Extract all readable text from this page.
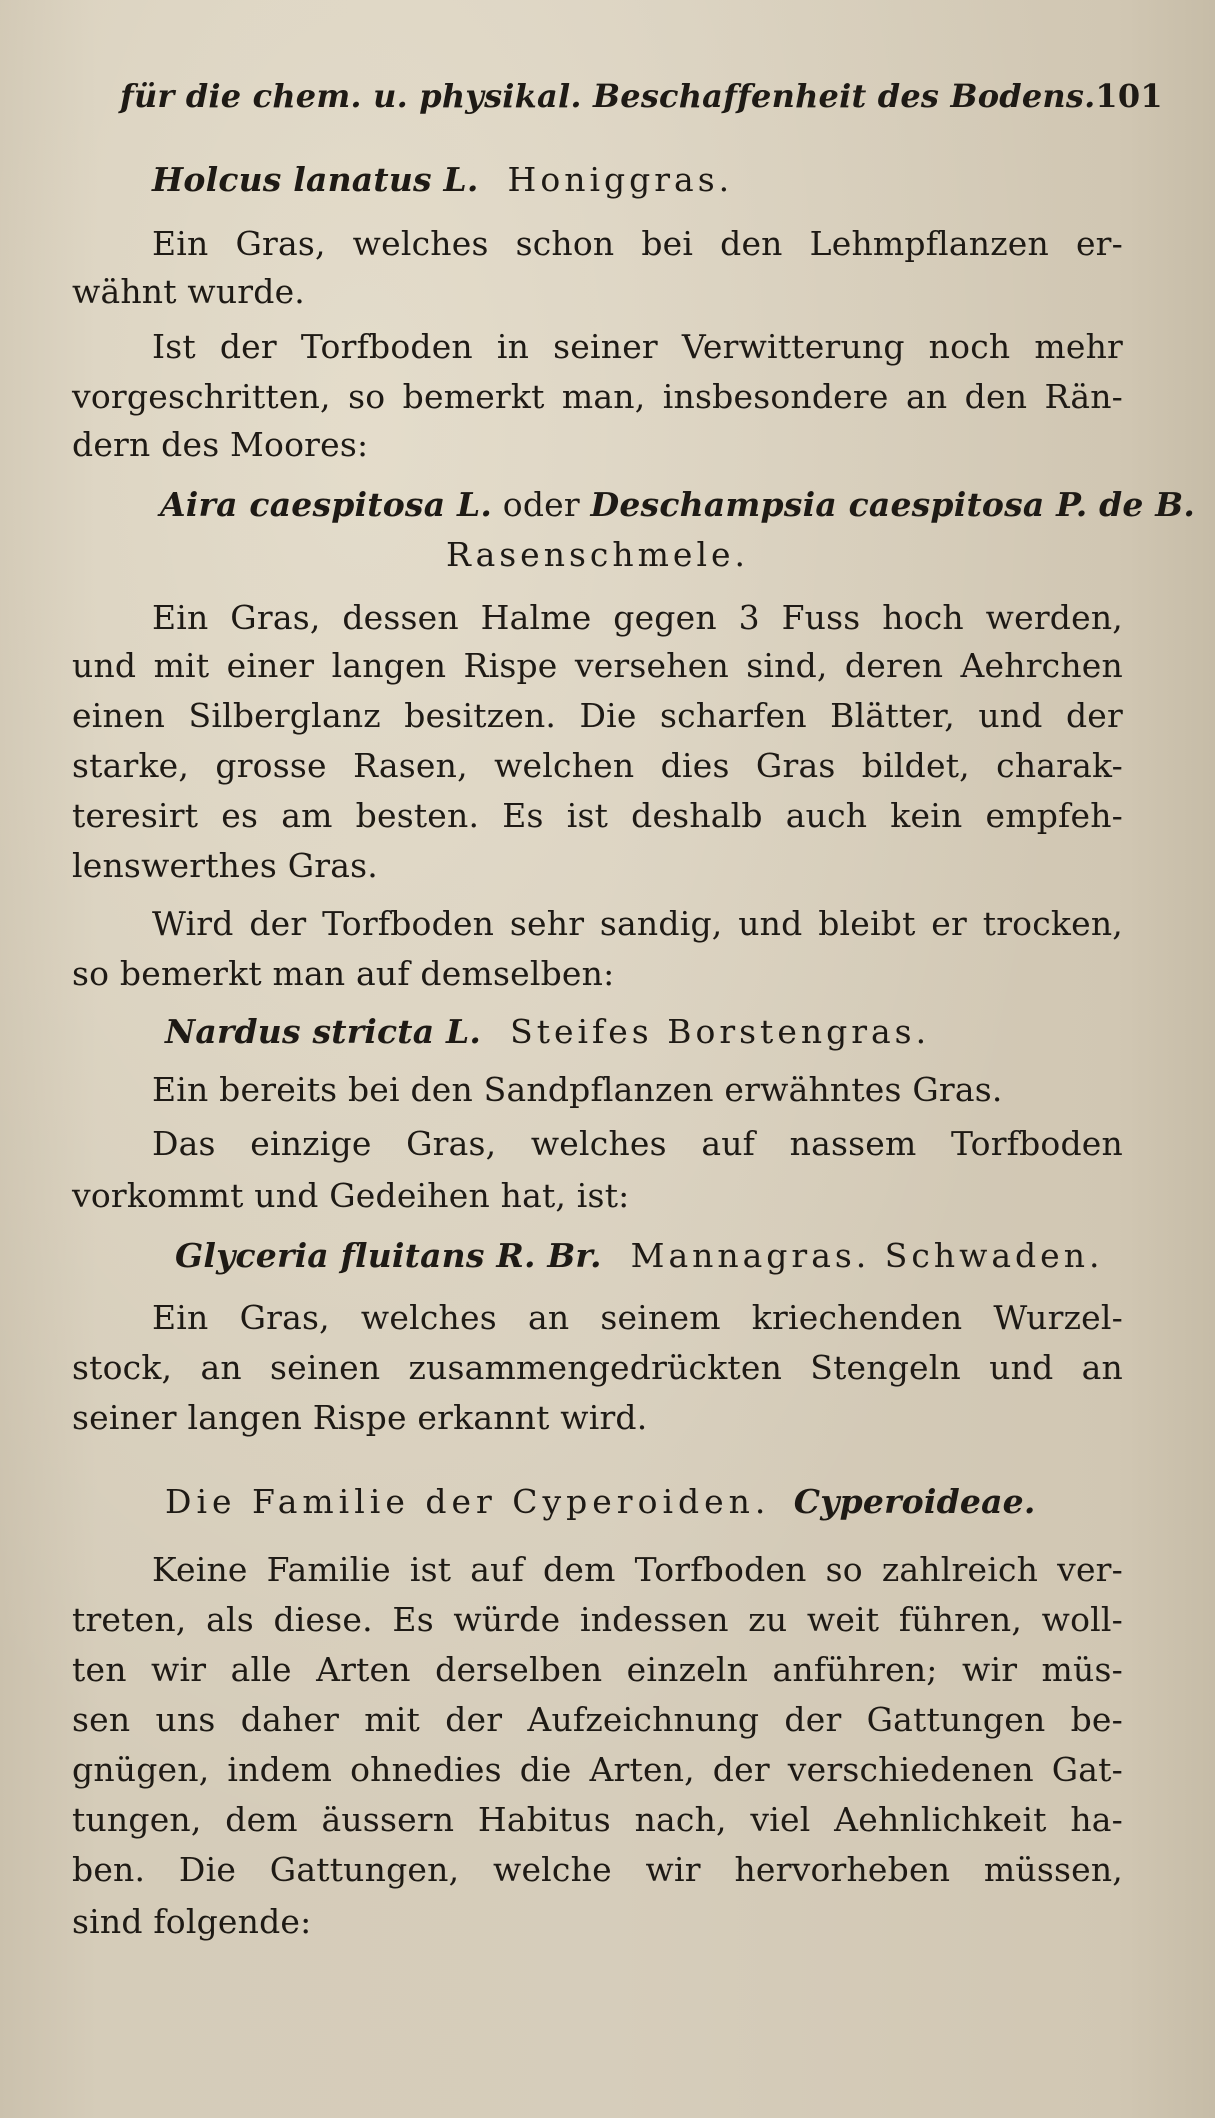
für die chem. u. physikal. Beschaffenheit des Bodens. 101
Holcus lanatus L.  Honiggras.
Ein Gras, welches schon bei den Lehmpflanzen er-
wähnt wurde.
Ist der Torfboden in seiner Verwitterung noch mehr
vorgeschritten, so bemerkt man, insbesondere an den Rän-
dern des Moores:
Aira caespitosa L. oder Deschampsia caespitosa P. de B.
Rasenschmele.
Ein Gras, dessen Halme gegen 3 Fuss hoch werden,
und mit einer langen Rispe versehen sind, deren Aehrchen
einen Silberglanz besitzen. Die scharfen Blätter, und der
starke, grosse Rasen, welchen dies Gras bildet, charak-
teresirt es am besten. Es ist deshalb auch kein empfeh-
lenswerthes Gras.
Wird der Torfboden sehr sandig, und bleibt er trocken,
so bemerkt man auf demselben:
Nardus stricta L.  Steifes Borstengras.
Ein bereits bei den Sandpflanzen erwähntes Gras.
Das einzige Gras, welches auf nassem Torfboden
vorkommt und Gedeihen hat, ist:
Glyceria fluitans R. Br.  Mannagras. Schwaden.
Ein Gras, welches an seinem kriechenden Wurzel-
stock, an seinen zusammengedrückten Stengeln und an
seiner langen Rispe erkannt wird.
Die Familie der Cyperoiden.  Cyperoideae.
Keine Familie ist auf dem Torfboden so zahlreich ver-
treten, als diese. Es würde indessen zu weit führen, woll-
ten wir alle Arten derselben einzeln anführen; wir müs-
sen uns daher mit der Aufzeichnung der Gattungen be-
gnügen, indem ohnedies die Arten, der verschiedenen Gat-
tungen, dem äussern Habitus nach, viel Aehnlichkeit ha-
ben. Die Gattungen, welche wir hervorheben müssen,
sind folgende:
